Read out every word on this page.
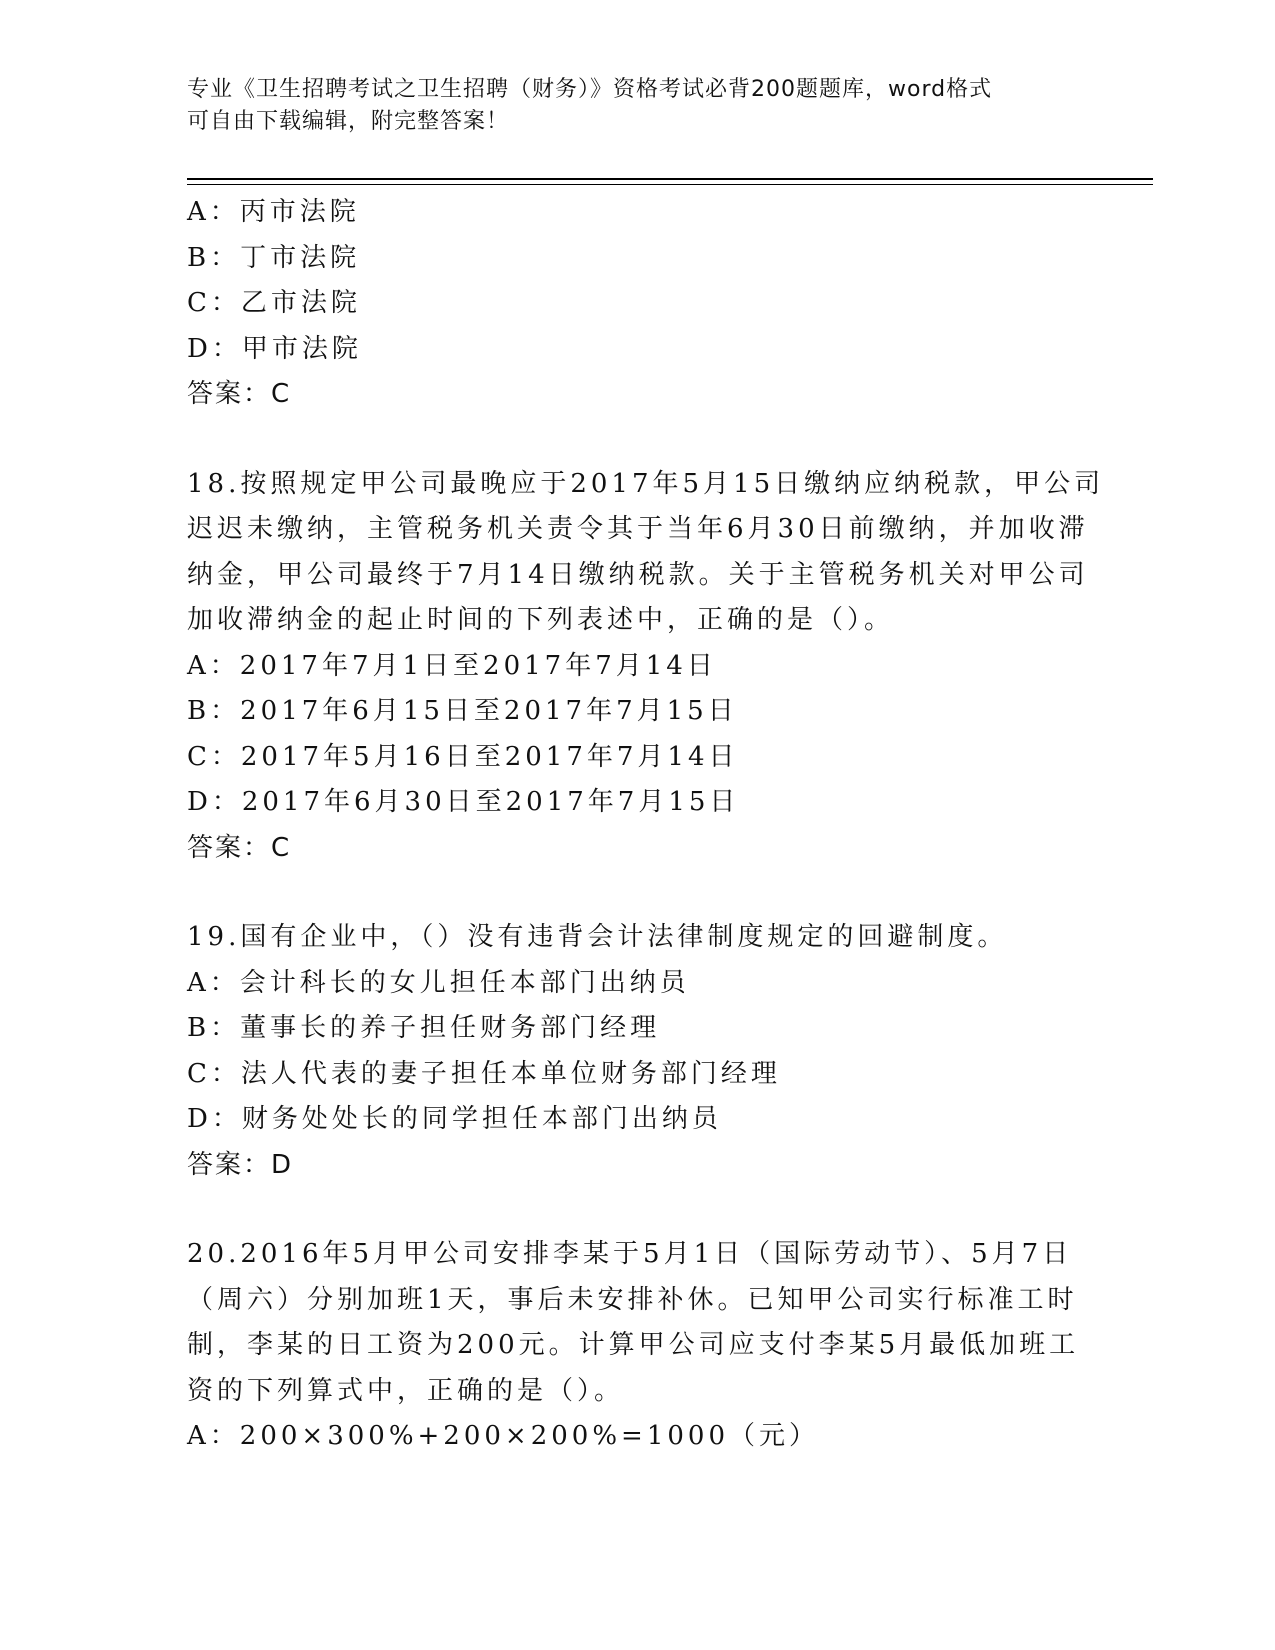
专业《卫生招聘考试之卫生招聘（财务）》资格考试必背200题题库，word格式
可自由下载编辑，附完整答案！
A：丙市法院
B：丁市法院
C：乙市法院
D：甲市法院
答案：C
18.按照规定甲公司最晚应于2017年5月15日缴纳应纳税款，甲公司
迟迟未缴纳，主管税务机关责令其于当年6月30日前缴纳，并加收滞
纳金，甲公司最终于7月14日缴纳税款。关于主管税务机关对甲公司
加收滞纳金的起止时间的下列表述中，正确的是（）。
A：2017年7月1日至2017年7月14日
B：2017年6月15日至2017年7月15日
C：2017年5月16日至2017年7月14日
D：2017年6月30日至2017年7月15日
答案：C
19.国有企业中，（）没有违背会计法律制度规定的回避制度。
A：会计科长的女儿担任本部门出纳员
B：董事长的养子担任财务部门经理
C：法人代表的妻子担任本单位财务部门经理
D：财务处处长的同学担任本部门出纳员
答案：D
20.2016年5月甲公司安排李某于5月1日（国际劳动节）、5月7日
（周六）分别加班1天，事后未安排补休。已知甲公司实行标准工时
制，李某的日工资为200元。计算甲公司应支付李某5月最低加班工
资的下列算式中，正确的是（）。
A：200×300%+200×200%=1000（元）
